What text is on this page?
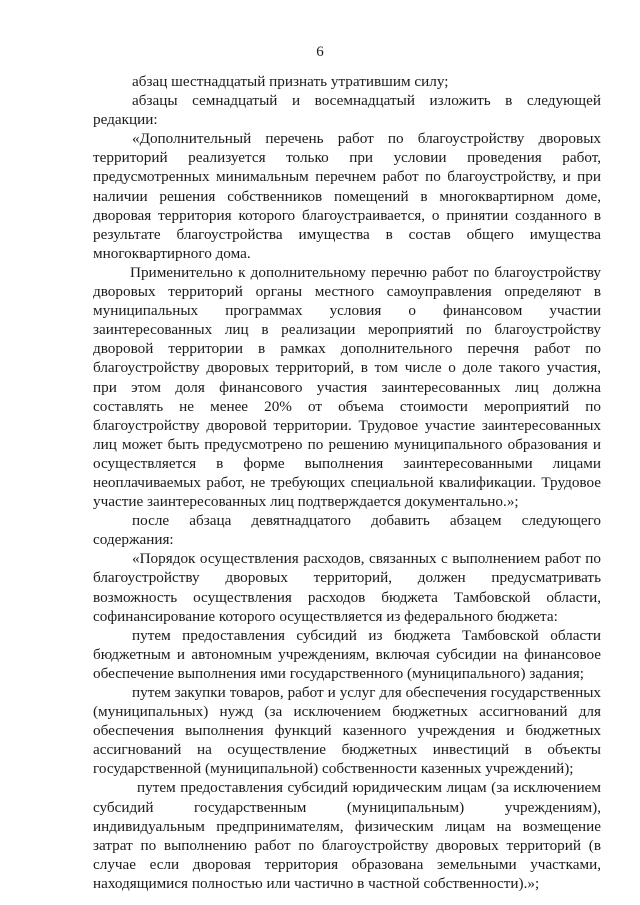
6

абзац шестнадцатый признать утратившим силу;

абзацы семнадцатый и восемнадцатый изложить в следующей редакции:

«Дополнительный перечень работ по благоустройству дворовых территорий реализуется только при условии проведения работ, предусмотренных минимальным перечнем работ по благоустройству, и при наличии решения собственников помещений в многоквартирном доме, дворовая территория которого благоустраивается, о принятии созданного в результате благоустройства имущества в состав общего имущества многоквартирного дома.

Применительно к дополнительному перечню работ по благоустройству дворовых территорий органы местного самоуправления определяют в муниципальных программах условия о финансовом участии заинтересованных лиц в реализации мероприятий по благоустройству дворовой территории в рамках дополнительного перечня работ по благоустройству дворовых территорий, в том числе о доле такого участия, при этом доля финансового участия заинтересованных лиц должна составлять не менее 20% от объема стоимости мероприятий по благоустройству дворовой территории. Трудовое участие заинтересованных лиц может быть предусмотрено по решению муниципального образования и осуществляется в форме выполнения заинтересованными лицами неоплачиваемых работ, не требующих специальной квалификации. Трудовое участие заинтересованных лиц подтверждается документально.»;

после абзаца девятнадцатого добавить абзацем следующего содержания:

«Порядок осуществления расходов, связанных с выполнением работ по благоустройству дворовых территорий, должен предусматривать возможность осуществления расходов бюджета Тамбовской области, софинансирование которого осуществляется из федерального бюджета:

путем предоставления субсидий из бюджета Тамбовской области бюджетным и автономным учреждениям, включая субсидии на финансовое обеспечение выполнения ими государственного (муниципального) задания;

путем закупки товаров, работ и услуг для обеспечения государственных (муниципальных) нужд (за исключением бюджетных ассигнований для обеспечения выполнения функций казенного учреждения и бюджетных ассигнований на осуществление бюджетных инвестиций в объекты государственной (муниципальной) собственности казенных учреждений);

путем предоставления субсидий юридическим лицам (за исключением субсидий государственным (муниципальным) учреждениям), индивидуальным предпринимателям, физическим лицам на возмещение затрат по выполнению работ по благоустройству дворовых территорий (в случае если дворовая территория образована земельными участками, находящимися полностью или частично в частной собственности).»;
